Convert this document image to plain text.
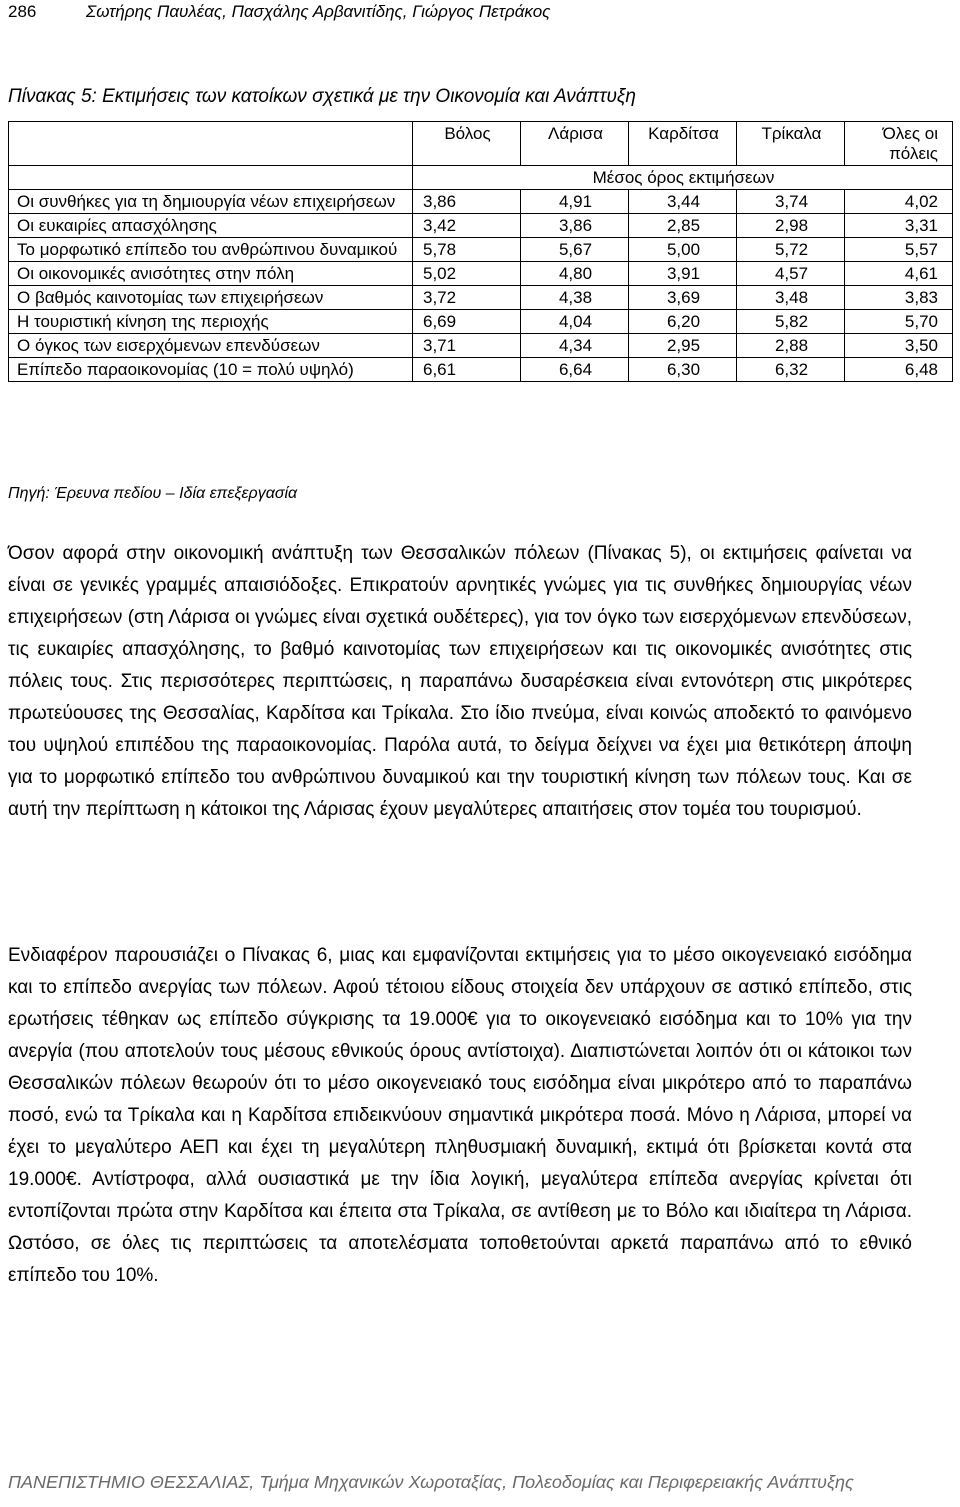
286	Σωτήρης Παυλέας, Πασχάλης Αρβανιτίδης, Γιώργος Πετράκος
Πίνακας 5: Εκτιμήσεις των κατοίκων σχετικά με την Οικονομία και Ανάπτυξη
	Βόλος	Λάρισα	Καρδίτσα	Τρίκαλα	Όλες οι πόλεις
	Μέσος όρος εκτιμήσεων				
Οι συνθήκες για τη δημιουργία νέων επιχειρήσεων	3,86	4,91	3,44	3,74	4,02
Οι ευκαιρίες απασχόλησης	3,42	3,86	2,85	2,98	3,31
Το μορφωτικό επίπεδο του ανθρώπινου δυναμικού	5,78	5,67	5,00	5,72	5,57
Οι οικονομικές ανισότητες στην πόλη	5,02	4,80	3,91	4,57	4,61
Ο βαθμός καινοτομίας των επιχειρήσεων	3,72	4,38	3,69	3,48	3,83
Η τουριστική κίνηση της περιοχής	6,69	4,04	6,20	5,82	5,70
Ο όγκος των εισερχόμενων επενδύσεων	3,71	4,34	2,95	2,88	3,50
Επίπεδο παραοικονομίας (10 = πολύ υψηλό)	6,61	6,64	6,30	6,32	6,48
Πηγή: Έρευνα πεδίου – Ιδία επεξεργασία

Όσον αφορά στην οικονομική ανάπτυξη των Θεσσαλικών πόλεων (Πίνακας 5), οι εκτιμήσεις φαίνεται να είναι σε γενικές γραμμές απαισιόδοξες. Επικρατούν αρνητικές γνώμες για τις συνθήκες δημιουργίας νέων επιχειρήσεων (στη Λάρισα οι γνώμες είναι σχετικά ουδέτερες), για τον όγκο των εισερχόμενων επενδύσεων, τις ευκαιρίες απασχόλησης, το βαθμό καινοτομίας των επιχειρήσεων και τις οικονομικές ανισότητες στις πόλεις τους. Στις περισσότερες περιπτώσεις, η παραπάνω δυσαρέσκεια είναι εντονότερη στις μικρότερες πρωτεύουσες της Θεσσαλίας, Καρδίτσα και Τρίκαλα. Στο ίδιο πνεύμα, είναι κοινώς αποδεκτό το φαινόμενο του υψηλού επιπέδου της παραοικονομίας. Παρόλα αυτά, το δείγμα δείχνει να έχει μια θετικότερη άποψη για το μορφωτικό επίπεδο του ανθρώπινου δυναμικού και την τουριστική κίνηση των πόλεων τους. Και σε αυτή την περίπτωση η κάτοικοι της Λάρισας έχουν μεγαλύτερες απαιτήσεις στον τομέα του τουρισμού.

Ενδιαφέρον παρουσιάζει ο Πίνακας 6, μιας και εμφανίζονται εκτιμήσεις για το μέσο οικογενειακό εισόδημα και το επίπεδο ανεργίας των πόλεων. Αφού τέτοιου είδους στοιχεία δεν υπάρχουν σε αστικό επίπεδο, στις ερωτήσεις τέθηκαν ως επίπεδο σύγκρισης τα 19.000€ για το οικογενειακό εισόδημα και το 10% για την ανεργία (που αποτελούν τους μέσους εθνικούς όρους αντίστοιχα). Διαπιστώνεται λοιπόν ότι οι κάτοικοι των Θεσσαλικών πόλεων θεωρούν ότι το μέσο οικογενειακό τους εισόδημα είναι μικρότερο από το παραπάνω ποσό, ενώ τα Τρίκαλα και η Καρδίτσα επιδεικνύουν σημαντικά μικρότερα ποσά. Μόνο η Λάρισα, μπορεί να έχει το μεγαλύτερο ΑΕΠ και έχει τη μεγαλύτερη πληθυσμιακή δυναμική, εκτιμά ότι βρίσκεται κοντά στα 19.000€. Αντίστροφα, αλλά ουσιαστικά με την ίδια λογική, μεγαλύτερα επίπεδα ανεργίας κρίνεται ότι εντοπίζονται πρώτα στην Καρδίτσα και έπειτα στα Τρίκαλα, σε αντίθεση με το Βόλο και ιδιαίτερα τη Λάρισα. Ωστόσο, σε όλες τις περιπτώσεις τα αποτελέσματα τοποθετούνται αρκετά παραπάνω από το εθνικό επίπεδο του 10%.

ΠΑΝΕΠΙΣΤΗΜΙΟ ΘΕΣΣΑΛΙΑΣ, Τμήμα Μηχανικών Χωροταξίας, Πολεοδομίας και Περιφερειακής Ανάπτυξης
